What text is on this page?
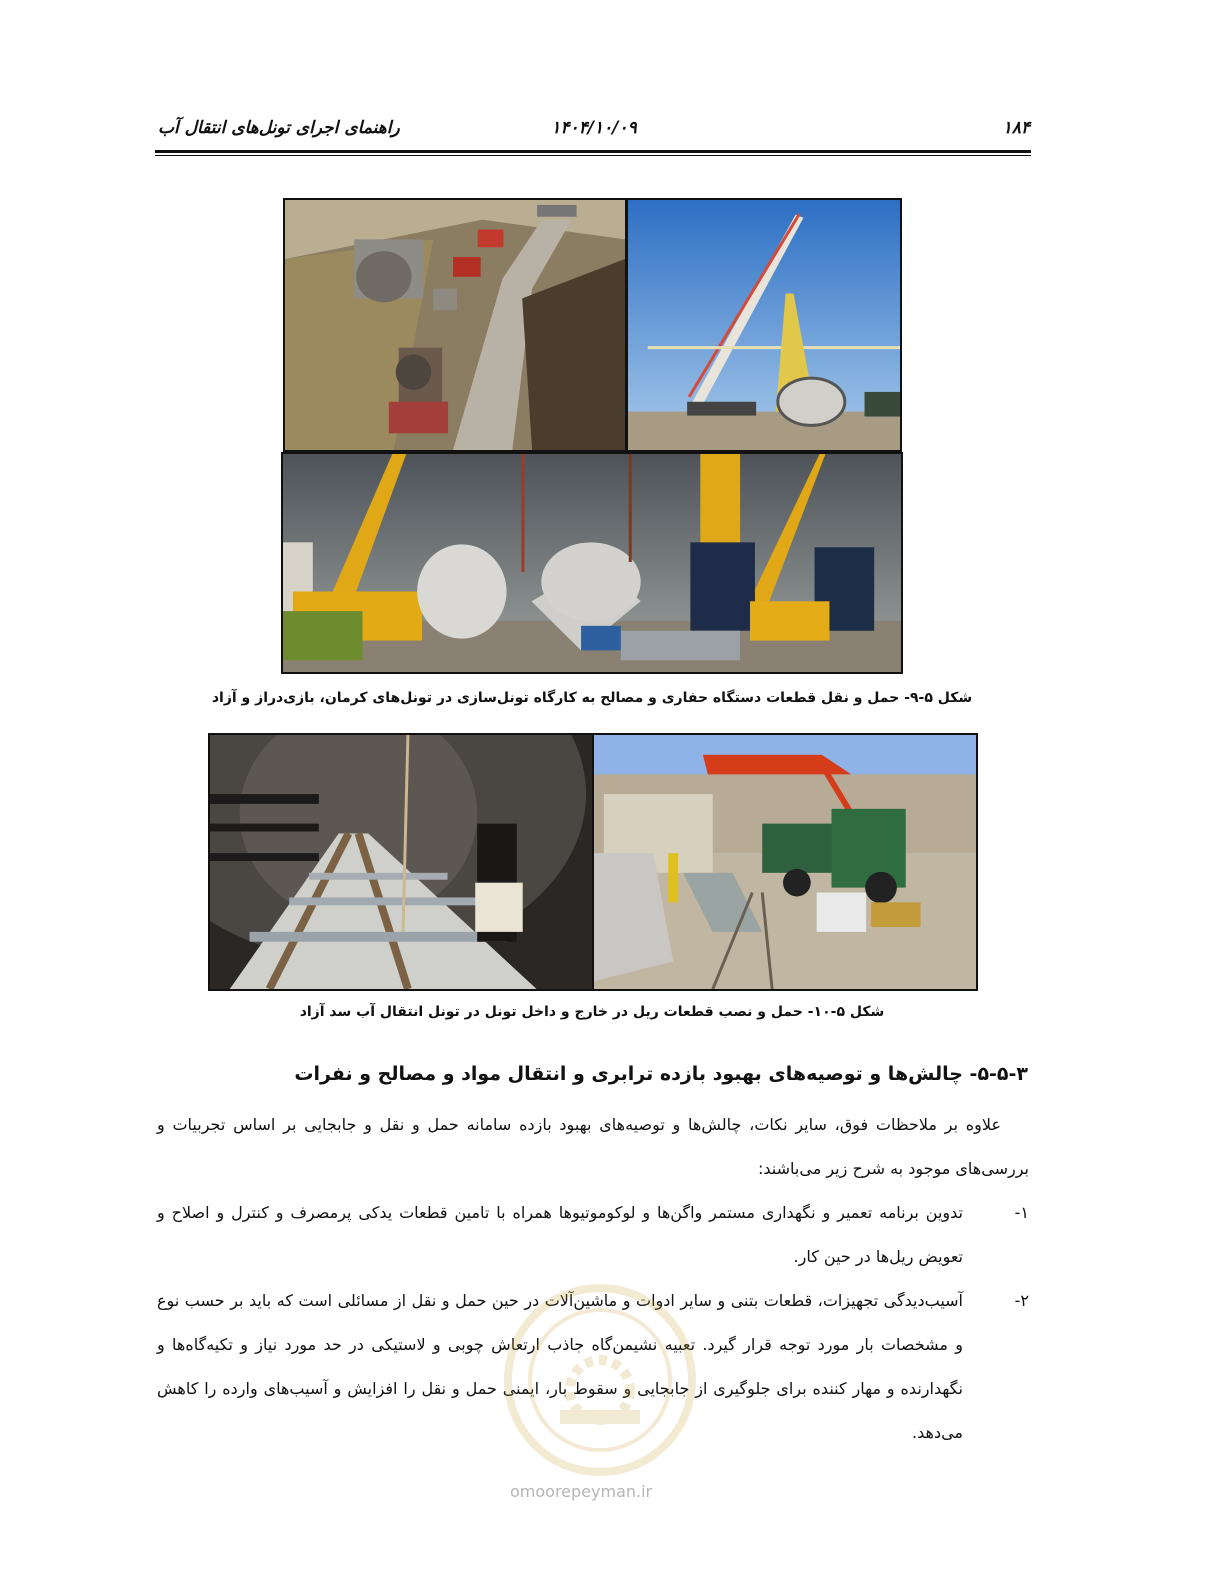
۱۸۴
۱۴۰۴/۱۰/۰۹
راهنمای اجرای تونل‌های انتقال آب
شکل ۵-۹- حمل و نقل قطعات دستگاه حفاری و مصالح به کارگاه تونل‌سازی در تونل‌های کرمان، بازی‌دراز و آزاد
شکل ۵-۱۰- حمل و نصب قطعات ریل در خارج و داخل تونل در تونل انتقال آب سد آزاد
۵-۵-۳- چالش‌ها و توصیه‌های بهبود بازده ترابری و انتقال مواد و مصالح و نفرات
علاوه بر ملاحظات فوق، سایر نکات، چالش‌ها و توصیه‌های بهبود بازده سامانه حمل و نقل و جابجایی بر اساس تجربیات و بررسی‌های موجود به شرح زیر می‌باشند:
۱-
تدوین برنامه تعمیر و نگهداری مستمر واگن‌ها و لوکوموتیوها همراه با تامین قطعات یدکی پرمصرف و کنترل و اصلاح و تعویض ریل‌ها در حین کار.
۲-
آسیب‌دیدگی تجهیزات، قطعات بتنی و سایر ادوات و ماشین‌آلات در حین حمل و نقل از مسائلی است که باید بر حسب نوع و مشخصات بار مورد توجه قرار گیرد. تعبیه نشیمن‌گاه جاذب ارتعاش چوبی و لاستیکی در حد مورد نیاز و تکیه‌گاه‌ها و نگهدارنده و مهار کننده برای جلوگیری از جابجایی و سقوط بار، ایمنی حمل و نقل را افزایش و آسیب‌های وارده را کاهش می‌دهد.
omoorepeyman.ir
